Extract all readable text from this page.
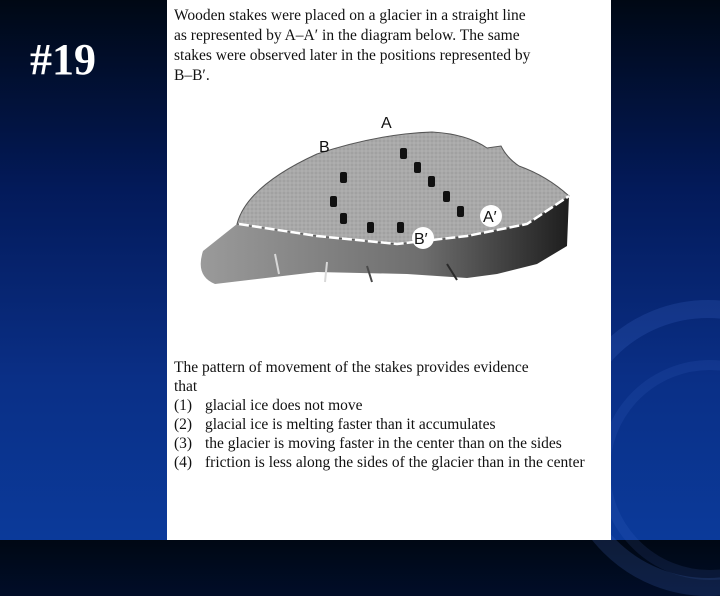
#19
Wooden stakes were placed on a glacier in a straight line
as represented by A–A′ in the diagram below. The same
stakes were observed later in the positions represented by
B–B′.
A
B
A′
B′
The pattern of movement of the stakes provides evidence
that
(1) glacial ice does not move
(2) glacial ice is melting faster than it accumulates
(3) the glacier is moving faster in the center than on the sides
(4) friction is less along the sides of the glacier than in the center
